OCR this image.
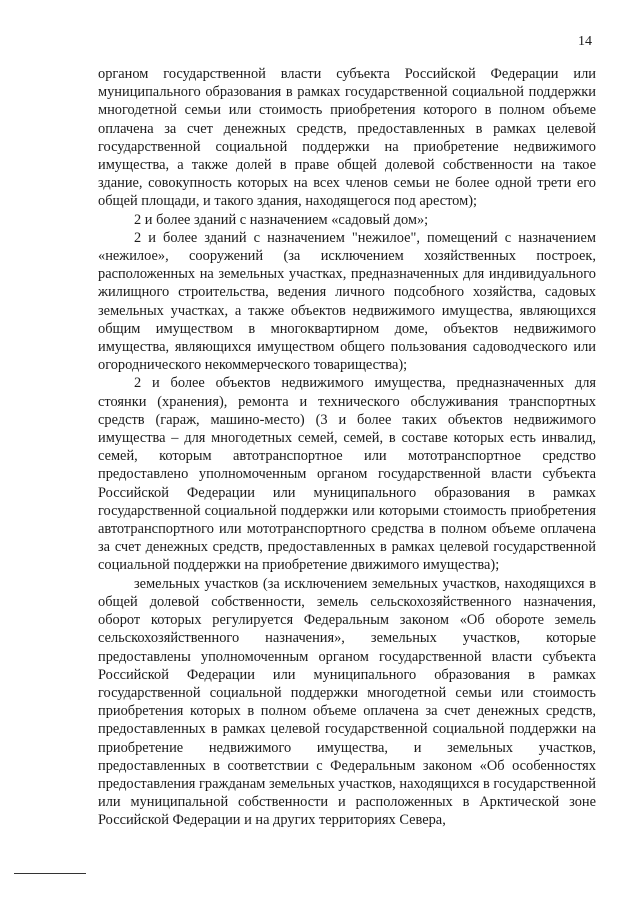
14

органом государственной власти субъекта Российской Федерации или муниципального образования в рамках государственной социальной поддержки многодетной семьи или стоимость приобретения которого в полном объеме оплачена за счет денежных средств, предоставленных в рамках целевой государственной социальной поддержки на приобретение недвижимого имущества, а также долей в праве общей долевой собственности на такое здание, совокупность которых на всех членов семьи не более одной трети его общей площади, и такого здания, находящегося под арестом);

2 и более зданий с назначением «садовый дом»;

2 и более зданий с назначением "нежилое", помещений с назначением «нежилое», сооружений (за исключением хозяйственных построек, расположенных на земельных участках, предназначенных для индивидуального жилищного строительства, ведения личного подсобного хозяйства, садовых земельных участках, а также объектов недвижимого имущества, являющихся общим имуществом в многоквартирном доме, объектов недвижимого имущества, являющихся имуществом общего пользования садоводческого или огороднического некоммерческого товарищества);

2 и более объектов недвижимого имущества, предназначенных для стоянки (хранения), ремонта и технического обслуживания транспортных средств (гараж, машино-место) (3 и более таких объектов недвижимого имущества – для многодетных семей, семей, в составе которых есть инвалид, семей, которым автотранспортное или мототранспортное средство предоставлено уполномоченным органом государственной власти субъекта Российской Федерации или муниципального образования в рамках государственной социальной поддержки или которыми стоимость приобретения автотранспортного или мототранспортного средства в полном объеме оплачена за счет денежных средств, предоставленных в рамках целевой государственной социальной поддержки на приобретение движимого имущества);

земельных участков (за исключением земельных участков, находящихся в общей долевой собственности, земель сельскохозяйственного назначения, оборот которых регулируется Федеральным законом «Об обороте земель сельскохозяйственного назначения», земельных участков, которые предоставлены уполномоченным органом государственной власти субъекта Российской Федерации или муниципального образования в рамках государственной социальной поддержки многодетной семьи или стоимость приобретения которых в полном объеме оплачена за счет денежных средств, предоставленных в рамках целевой государственной социальной поддержки на приобретение недвижимого имущества, и земельных участков, предоставленных в соответствии с Федеральным законом «Об особенностях предоставления гражданам земельных участков, находящихся в государственной или муниципальной собственности и расположенных в Арктической зоне Российской Федерации и на других территориях Севера,
